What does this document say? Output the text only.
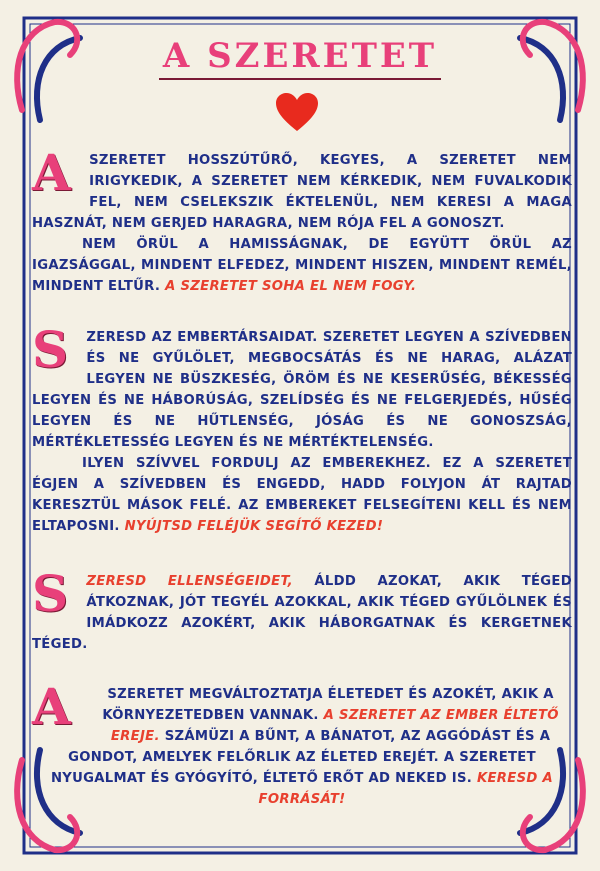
A SZERETET

A SZERETET HOSSZÚTŰRŐ, KEGYES, A SZERETET NEM IRIGYKEDIK, A SZERETET NEM KÉRKEDIK, NEM FUVALKODIK FEL, NEM CSELEKSZIK ÉKTELENÜL, NEM KERESI A MAGA HASZNÁT, NEM GERJED HARAGRA, NEM RÓJA FEL A GONOSZT.

NEM ÖRÜL A HAMISSÁGNAK, DE EGYÜTT ÖRÜL AZ IGAZSÁGGAL, MINDENT ELFEDEZ, MINDENT HISZEN, MINDENT REMÉL, MINDENT ELTŰR. A SZERETET SOHA EL NEM FOGY.

S ZERESD AZ EMBERTÁRSAIDAT. SZERETET LEGYEN A SZÍVEDBEN ÉS NE GYŰLÖLET, MEGBOCSÁTÁS ÉS NE HARAG, ALÁZAT LEGYEN NE BÜSZKESÉG, ÖRÖM ÉS NE KESERŰSÉG, BÉKESSÉG LEGYEN ÉS NE HÁBORÚSÁG, SZELÍDSÉG ÉS NE FELGERJEDÉS, HŰSÉG LEGYEN ÉS NE HŰTLENSÉG, JÓSÁG ÉS NE GONOSZSÁG, MÉRTÉKLETESSÉG LEGYEN ÉS NE MÉRTÉKTELENSÉG.

ILYEN SZÍVVEL FORDULJ AZ EMBEREKHEZ. EZ A SZERETET ÉGJEN A SZÍVEDBEN ÉS ENGEDD, HADD FOLYJON ÁT RAJTAD KERESZTÜL MÁSOK FELÉ. AZ EMBEREKET FELSEGÍTENI KELL ÉS NEM ELTAPOSNI. NYÚJTSD FELÉJÜK SEGÍTŐ KEZED!

S ZERESD ELLENSÉGEIDET, ÁLDD AZOKAT, AKIK TÉGED ÁTKOZNAK, JÓT TEGYÉL AZOKKAL, AKIK TÉGED GYŰLÖLNEK ÉS IMÁDKOZZ AZOKÉRT, AKIK HÁBORGATNAK ÉS KERGETNEK TÉGED.

A	SZERETET MEGVÁLTOZTATJA ÉLETEDET ÉS AZOKÉT, AKIK A KÖRNYEZETEDBEN VANNAK. A SZERETET AZ EMBER ÉLTETŐ EREJE. SZÁMÜZI A BŰNT, A BÁNATOT, AZ AGGÓDÁST ÉS A GONDOT, AMELYEK FELŐRLIK AZ ÉLETED EREJÉT. A SZERETET NYUGALMAT ÉS GYÓGYÍTÓ, ÉLTETŐ ERŐT AD NEKED IS. KERESD A FORRÁSÁT!
